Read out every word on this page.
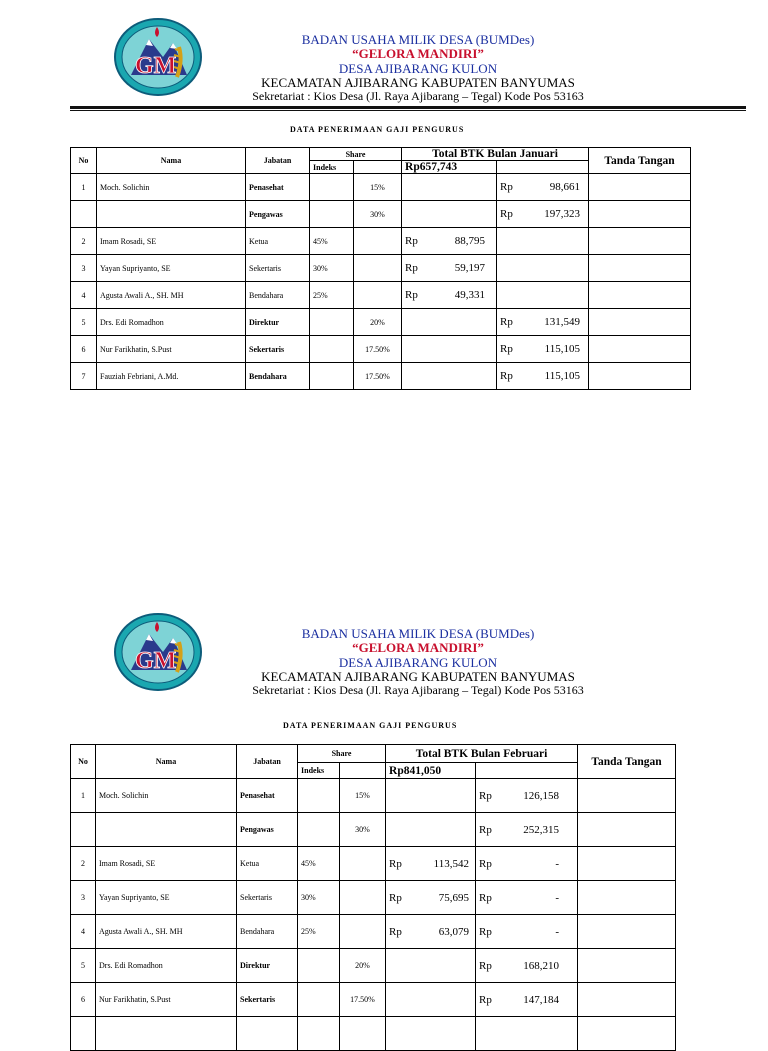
GM
BADAN USAHA MILIK DESA (BUMDes)
“GELORA MANDIRI”
DESA AJIBARANG KULON
KECAMATAN AJIBARANG KABUPATEN BANYUMAS
Sekretariat : Kios Desa (Jl. Raya Ajibarang – Tegal) Kode Pos 53163
DATA PENERIMAAN GAJI PENGURUS
No	Nama	Jabatan	Share		Total BTK Bulan Januari		Tanda Tangan
			Indeks		Rp657,743		
1	Moch. Solichin	Penasehat		15%		Rp 98,661	
		Pengawas		30%		Rp 197,323	
2	Imam Rosadi, SE	Ketua	45%		Rp 88,795		
3	Yayan Supriyanto, SE	Sekertaris	30%		Rp 59,197		
4	Agusta Awali A., SH. MH	Bendahara	25%		Rp 49,331		
5	Drs. Edi Romadhon	Direktur		20%		Rp 131,549	
6	Nur Farikhatin, S.Pust	Sekertaris		17.50%		Rp 115,105	
7	Fauziah Febriani, A.Md.	Bendahara		17.50%		Rp 115,105	
GM
BADAN USAHA MILIK DESA (BUMDes)
“GELORA MANDIRI”
DESA AJIBARANG KULON
KECAMATAN AJIBARANG KABUPATEN BANYUMAS
Sekretariat : Kios Desa (Jl. Raya Ajibarang – Tegal) Kode Pos 53163
DATA PENERIMAAN GAJI PENGURUS
No	Nama	Jabatan	Share		Total BTK Bulan Februari		Tanda Tangan
			Indeks		Rp841,050		
1	Moch. Solichin	Penasehat		15%		Rp 126,158	
		Pengawas		30%		Rp 252,315	
2	Imam Rosadi, SE	Ketua	45%		Rp 113,542	Rp -	
3	Yayan Supriyanto, SE	Sekertaris	30%		Rp 75,695	Rp -	
4	Agusta Awali A., SH. MH	Bendahara	25%		Rp 63,079	Rp -	
5	Drs. Edi Romadhon	Direktur		20%		Rp 168,210	
6	Nur Farikhatin, S.Pust	Sekertaris		17.50%		Rp 147,184	
